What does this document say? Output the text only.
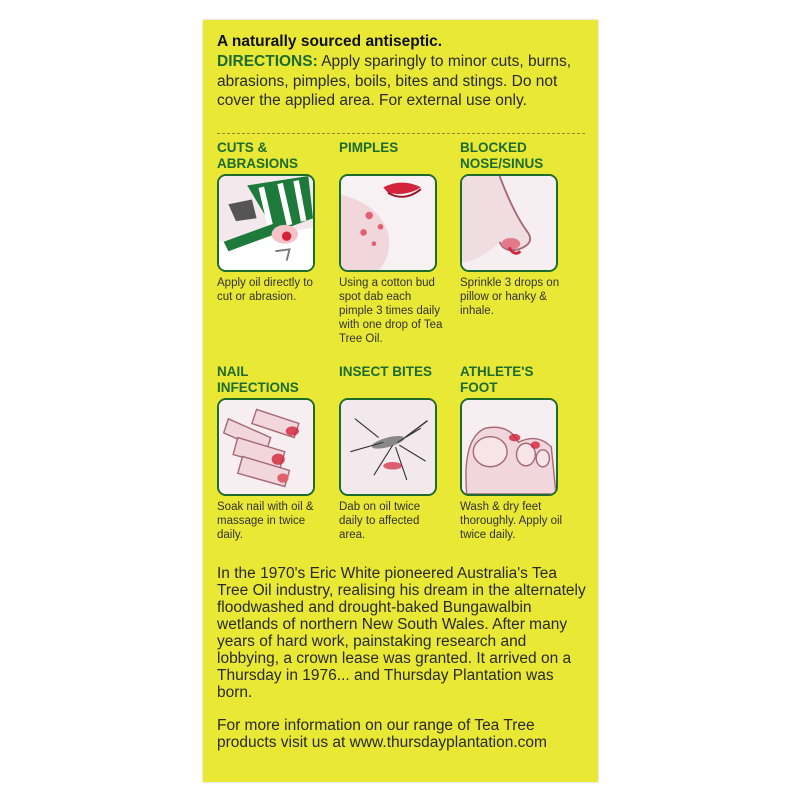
A naturally sourced antiseptic.
DIRECTIONS: Apply sparingly to minor cuts, burns, abrasions, pimples, boils, bites and stings. Do not cover the applied area. For external use only.
CUTS & ABRASIONS
Apply oil directly to cut or abrasion.
PIMPLES
Using a cotton bud spot dab each pimple 3 times daily with one drop of Tea Tree Oil.
BLOCKED NOSE/SINUS
Sprinkle 3 drops on pillow or hanky & inhale.
NAIL INFECTIONS
Soak nail with oil & massage in twice daily.
INSECT BITES
Dab on oil twice daily to affected area.
ATHLETE'S FOOT
Wash & dry feet thoroughly. Apply oil twice daily.
In the 1970's Eric White pioneered Australia's Tea Tree Oil industry, realising his dream in the alternately floodwashed and drought-baked Bungawalbin wetlands of northern New South Wales. After many years of hard work, painstaking research and lobbying, a crown lease was granted. It arrived on a Thursday in 1976... and Thursday Plantation was born.
For more information on our range of Tea Tree products visit us at www.thursdayplantation.com
